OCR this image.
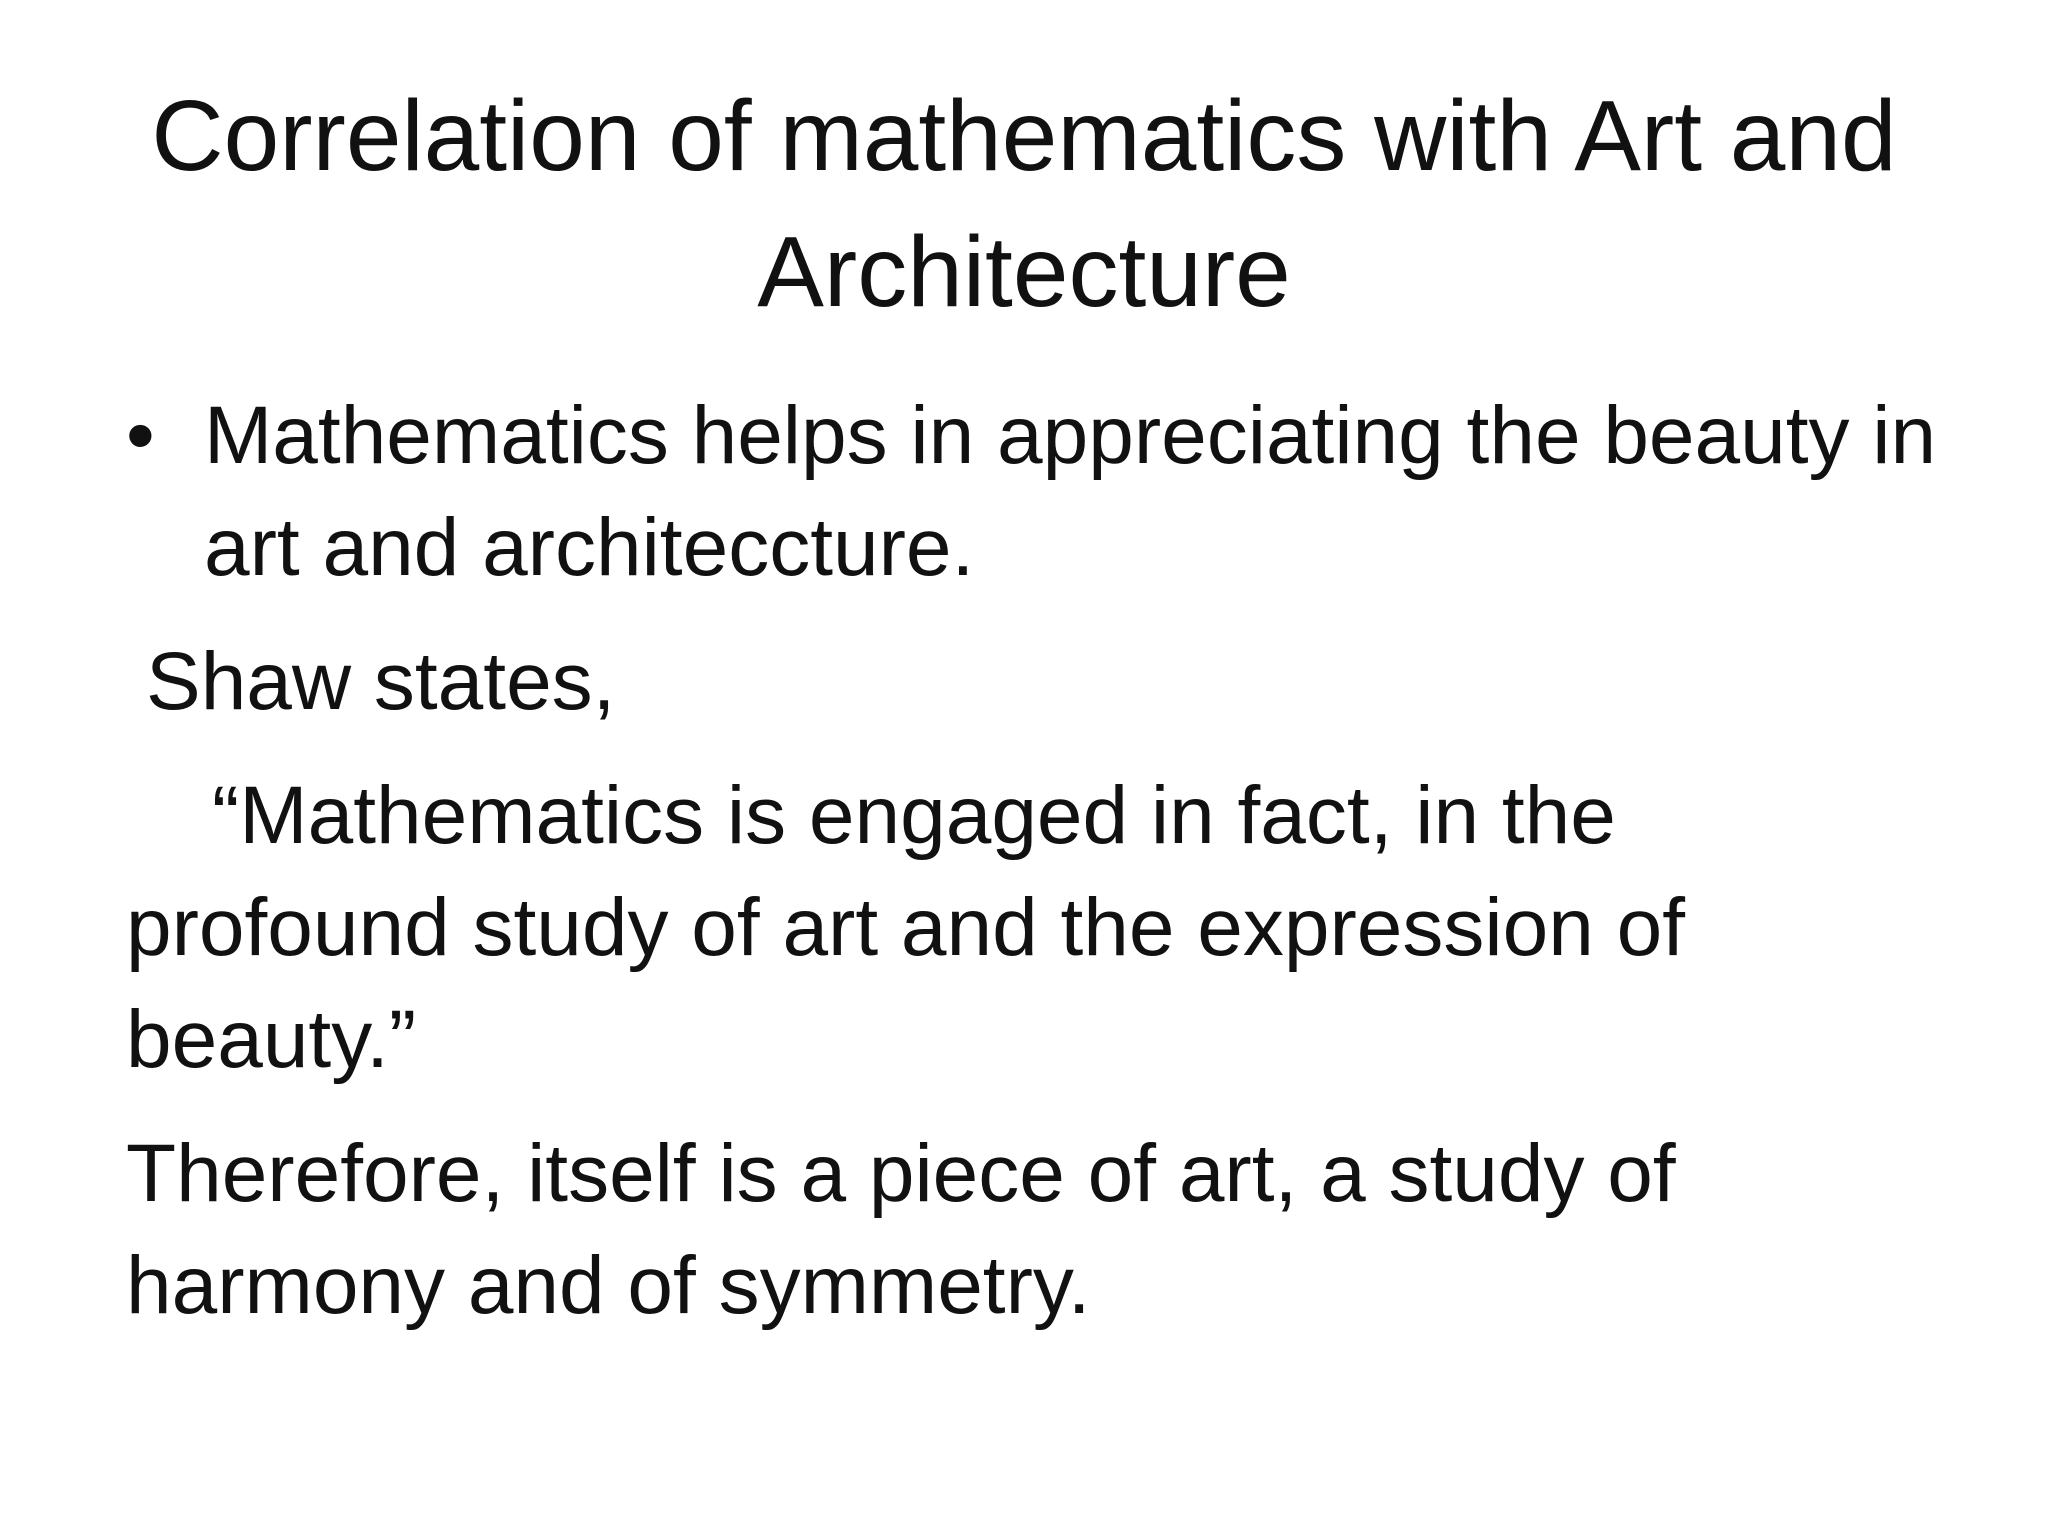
Correlation of mathematics with Art and Architecture
• Mathematics helps in appreciating the beauty in art and architeccture.
Shaw states,
“Mathematics is engaged in fact, in the
profound study of art and the expression of beauty.”
Therefore, itself is a piece of art, a study of harmony and of symmetry.
